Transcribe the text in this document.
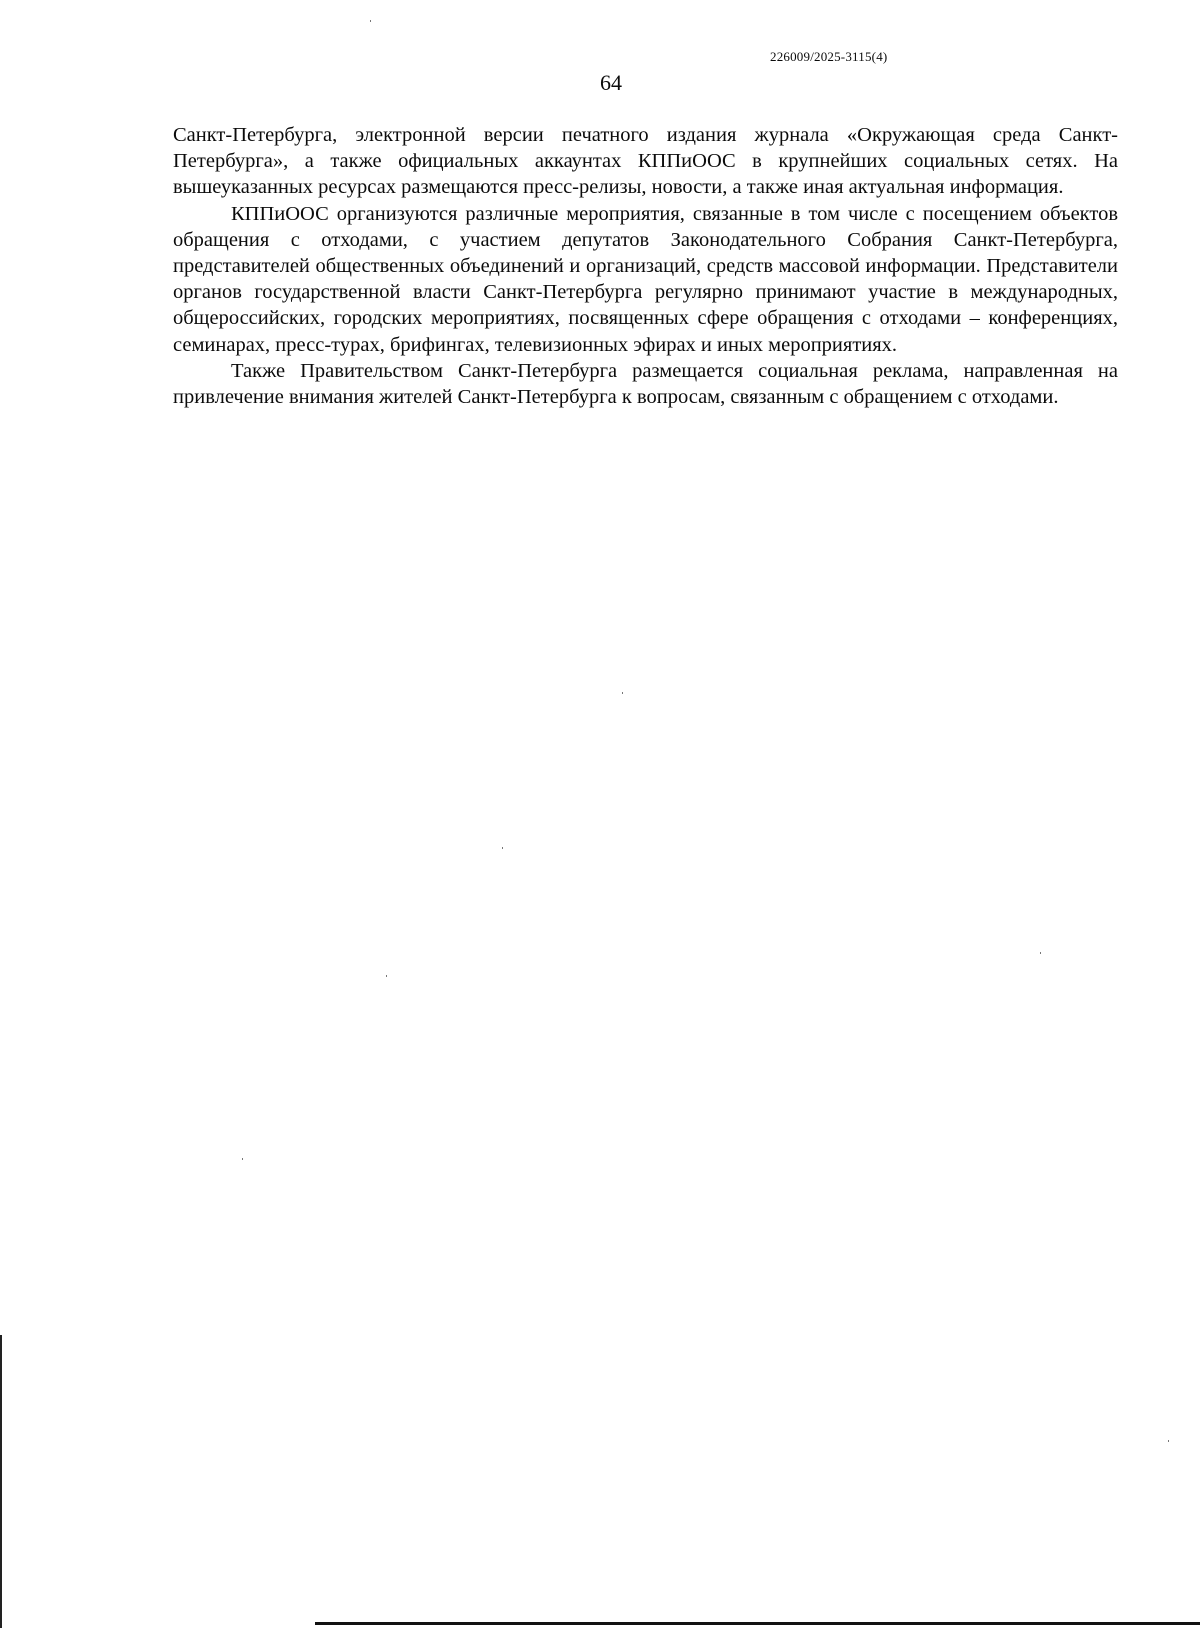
226009/2025-3115(4)
64

Санкт-Петербурга, электронной версии печатного издания журнала «Окружающая среда Санкт-Петербурга», а также официальных аккаунтах КППиООС в крупнейших социальных сетях. На вышеуказанных ресурсах размещаются пресс-релизы, новости, а также иная актуальная информация.

КППиООС организуются различные мероприятия, связанные в том числе с посещением объектов обращения с отходами, с участием депутатов Законодательного Собрания Санкт-Петербурга, представителей общественных объединений и организаций, средств массовой информации. Представители органов государственной власти Санкт-Петербурга регулярно принимают участие в международных, общероссийских, городских мероприятиях, посвященных сфере обращения с отходами – конференциях, семинарах, пресс-турах, брифингах, телевизионных эфирах и иных мероприятиях.

Также Правительством Санкт-Петербурга размещается социальная реклама, направленная на привлечение внимания жителей Санкт-Петербурга к вопросам, связанным с обращением с отходами.
